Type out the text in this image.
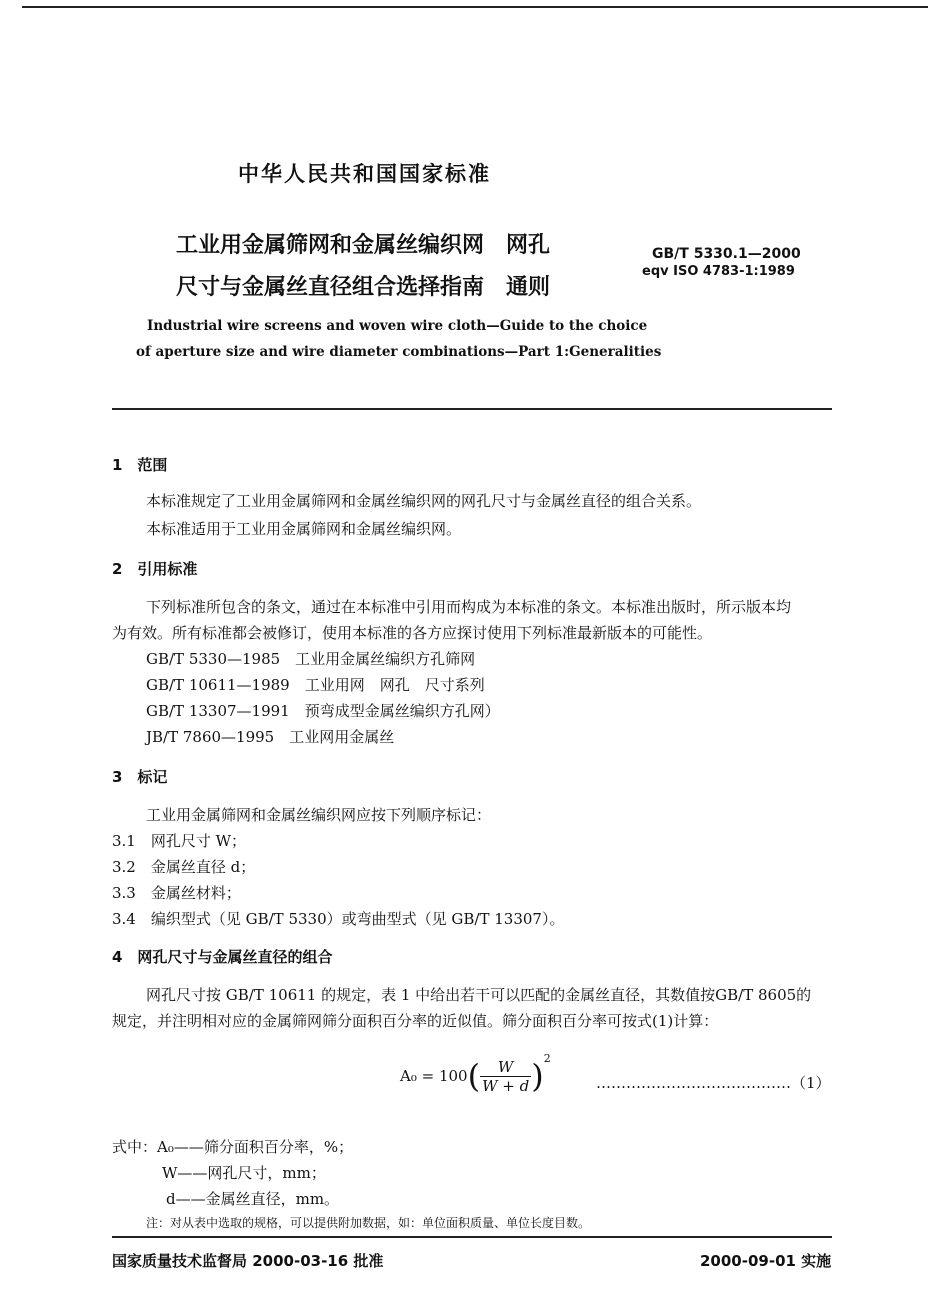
中华人民共和国国家标准
工业用金属筛网和金属丝编织网　网孔
尺寸与金属丝直径组合选择指南　通则
GB/T 5330.1—2000
eqv ISO 4783-1:1989
Industrial wire screens and woven wire cloth—Guide to the choice
of aperture size and wire diameter combinations—Part 1:Generalities
1　范围
本标准规定了工业用金属筛网和金属丝编织网的网孔尺寸与金属丝直径的组合关系。
本标准适用于工业用金属筛网和金属丝编织网。
2　引用标准
下列标准所包含的条文，通过在本标准中引用而构成为本标准的条文。本标准出版时，所示版本均
为有效。所有标准都会被修订，使用本标准的各方应探讨使用下列标准最新版本的可能性。
GB/T 5330—1985　工业用金属丝编织方孔筛网
GB/T 10611—1989　工业用网　网孔　尺寸系列
GB/T 13307—1991　预弯成型金属丝编织方孔网）
JB/T 7860—1995　工业网用金属丝
3　标记
工业用金属筛网和金属丝编织网应按下列顺序标记：
3.1　网孔尺寸 W；
3.2　金属丝直径 d；
3.3　金属丝材料；
3.4　编织型式（见 GB/T 5330）或弯曲型式（见 GB/T 13307）。
4　网孔尺寸与金属丝直径的组合
网孔尺寸按 GB/T 10611 的规定，表 1 中给出若干可以匹配的金属丝直径，其数值按GB/T 8605的
规定，并注明相对应的金属筛网筛分面积百分率的近似值。筛分面积百分率可按式(1)计算：
$A_0 = 100( \frac{W}{W + d} )^2$
…………………………………（1）
式中：A₀——筛分面积百分率，%；
W——网孔尺寸，mm；
d——金属丝直径，mm。
注：对从表中选取的规格，可以提供附加数据，如：单位面积质量、单位长度目数。
国家质量技术监督局 2000-03-16 批准	2000-09-01 实施
